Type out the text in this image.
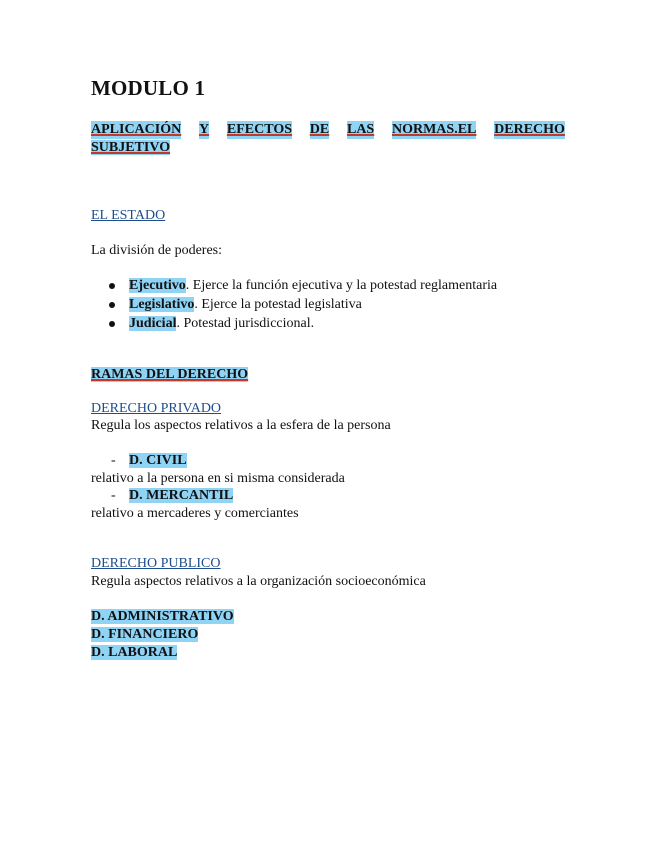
MODULO 1
APLICACIÓN Y EFECTOS DE LAS NORMAS.EL DERECHO
SUBJETIVO
EL ESTADO
La división de poderes:
Ejecutivo. Ejerce la función ejecutiva y la potestad reglamentaria
Legislativo. Ejerce la potestad legislativa
Judicial. Potestad jurisdiccional.
RAMAS DEL DERECHO
DERECHO PRIVADO
Regula los aspectos relativos a la esfera de la persona
- D. CIVIL
relativo a la persona en si misma considerada
- D. MERCANTIL
relativo a mercaderes y comerciantes
DERECHO PUBLICO
Regula aspectos relativos a la organización socioeconómica
D. ADMINISTRATIVO
D. FINANCIERO
D. LABORAL
